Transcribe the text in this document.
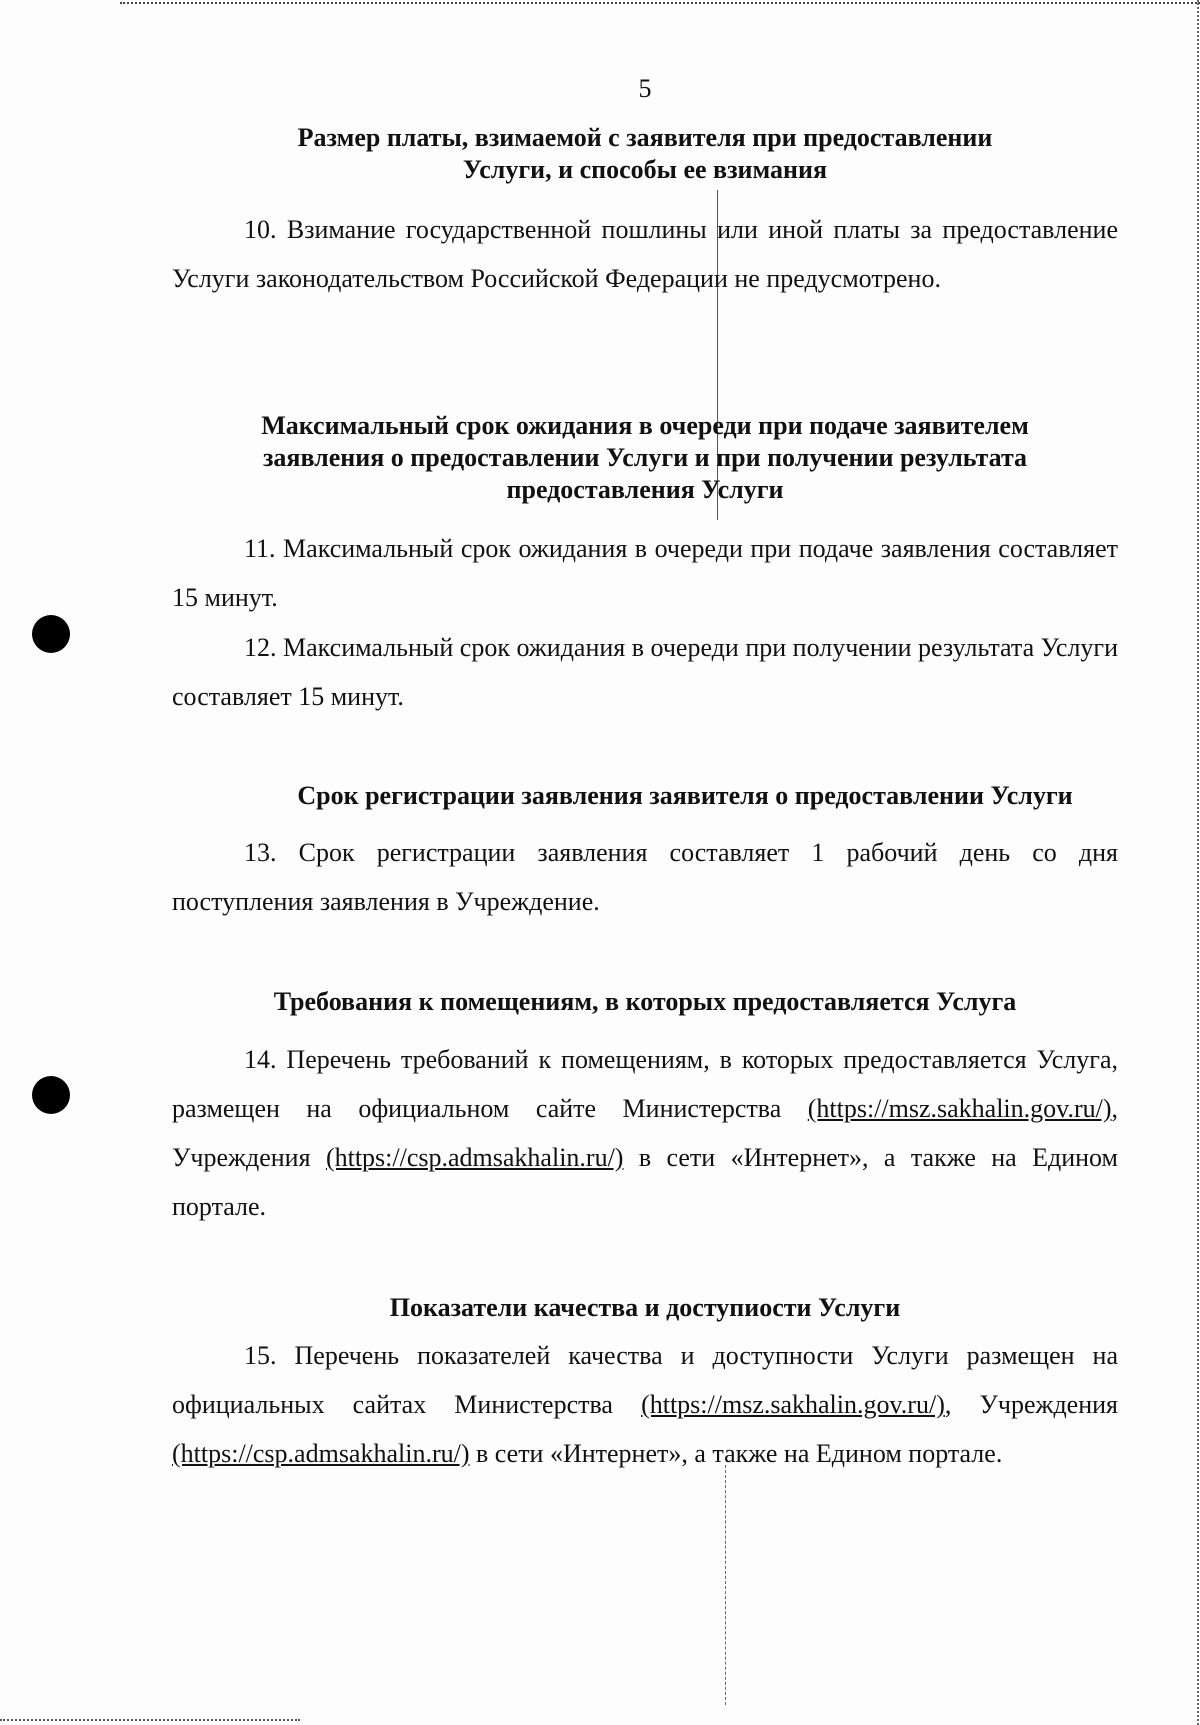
5
Размер платы, взимаемой с заявителя при предоставлении
Услуги, и способы ее взимания
10. Взимание государственной пошлины или иной платы за предоставление Услуги законодательством Российской Федерации не предусмотрено.
Максимальный срок ожидания в очереди при подаче заявителем
заявления о предоставлении Услуги и при получении результата
предоставления Услуги
11. Максимальный срок ожидания в очереди при подаче заявления составляет 15 минут.
12. Максимальный срок ожидания в очереди при получении результата Услуги составляет 15 минут.
Срок регистрации заявления заявителя о предоставлении Услуги
13. Срок регистрации заявления составляет 1 рабочий день со дня поступления заявления в Учреждение.
Требования к помещениям, в которых предоставляется Услуга
14. Перечень требований к помещениям, в которых предоставляется Услуга, размещен на официальном сайте Министерства (https://msz.sakhalin.gov.ru/), Учреждения (https://csp.admsakhalin.ru/) в сети «Интернет», а также на Едином портале.
Показатели качества и доступиости Услуги
15. Перечень показателей качества и доступности Услуги размещен на официальных сайтах Министерства (https://msz.sakhalin.gov.ru/), Учреждения (https://csp.admsakhalin.ru/) в сети «Интернет», а также на Едином портале.
